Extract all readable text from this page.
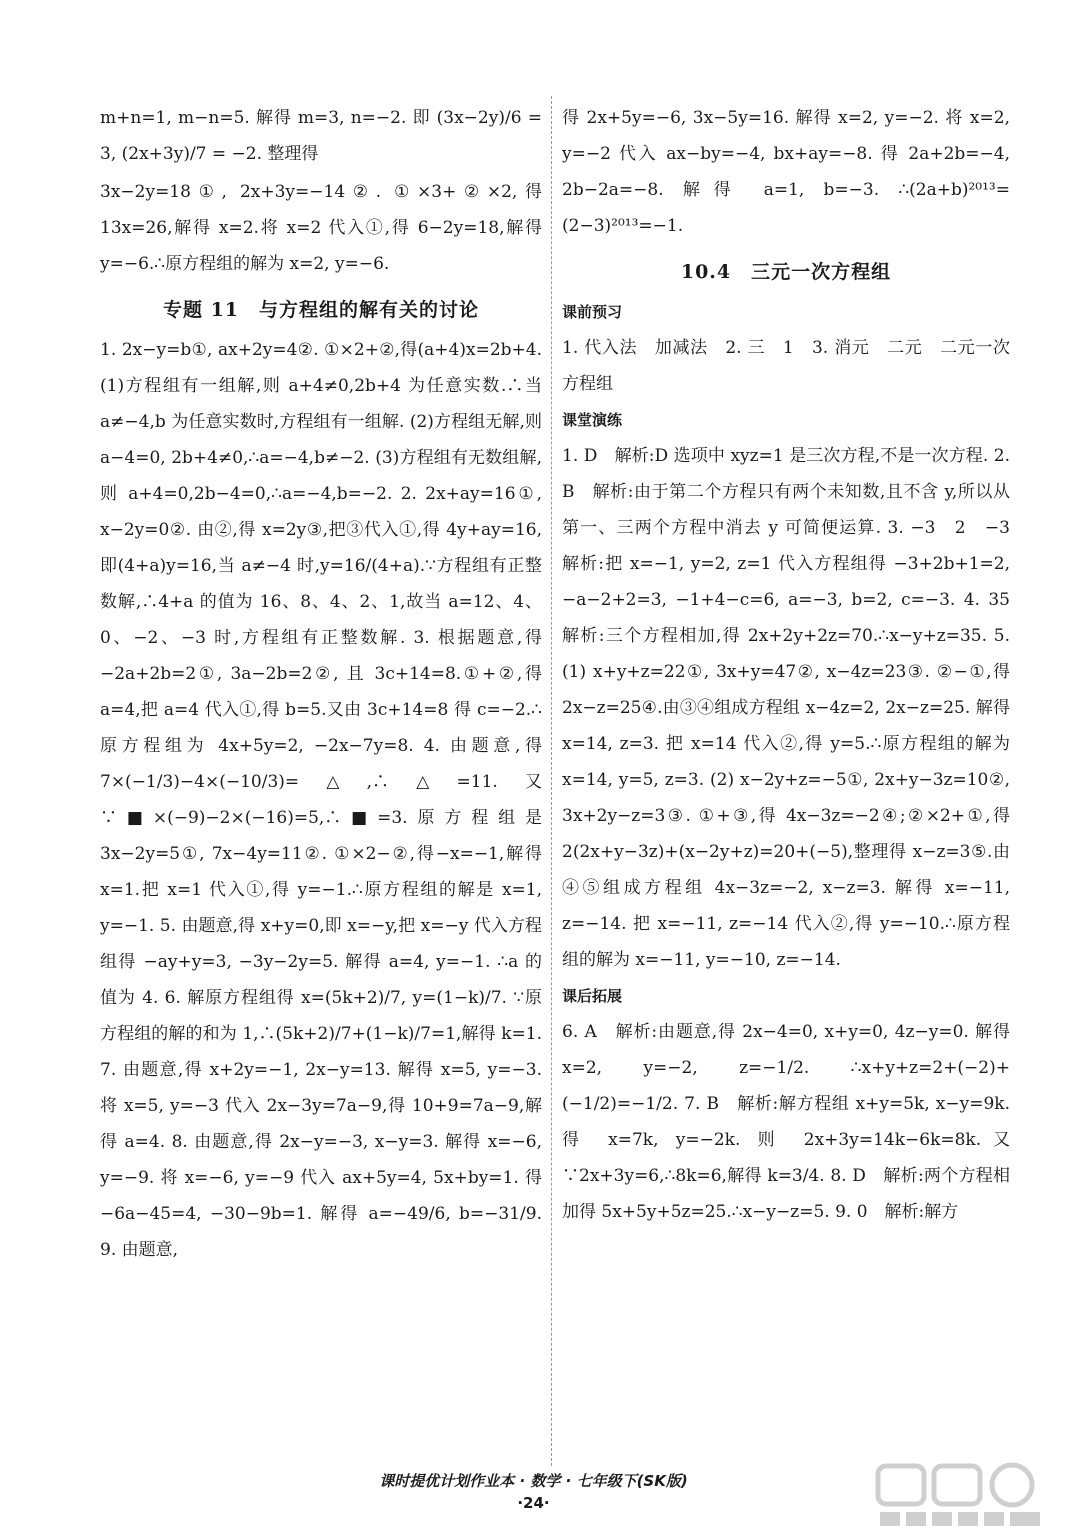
m+n=1, m−n=5. 解得 m=3, n=−2. 即 (3x−2y)/6 = 3, (2x+3y)/7 = −2. 整理得

3x−2y=18①, 2x+3y=−14②. ①×3+②×2,得 13x=26,解得 x=2.将 x=2 代入①,得 6−2y=18,解得 y=−6.∴原方程组的解为 x=2, y=−6.

专题 11　与方程组的解有关的讨论

1. 2x−y=b①, ax+2y=4②. ①×2+②,得(a+4)x=2b+4.(1)方程组有一组解,则 a+4≠0,2b+4 为任意实数.∴当 a≠−4,b 为任意实数时,方程组有一组解. (2)方程组无解,则 a−4=0, 2b+4≠0,∴a=−4,b≠−2. (3)方程组有无数组解,则 a+4=0,2b−4=0,∴a=−4,b=−2. 2. 2x+ay=16①, x−2y=0②. 由②,得 x=2y③,把③代入①,得 4y+ay=16,即(4+a)y=16,当 a≠−4 时,y=16/(4+a).∵方程组有正整数解,∴4+a 的值为 16、8、4、2、1,故当 a=12、4、0、−2、−3 时,方程组有正整数解. 3. 根据题意,得 −2a+2b=2①, 3a−2b=2②, 且 3c+14=8.①+②,得 a=4,把 a=4 代入①,得 b=5.又由 3c+14=8 得 c=−2.∴原方程组为 4x+5y=2, −2x−7y=8. 4. 由题意,得 7×(−1/3)−4×(−10/3)=△,∴△=11.又∵■×(−9)−2×(−16)=5,∴■=3.原方程组是 3x−2y=5①, 7x−4y=11②. ①×2−②,得−x=−1,解得 x=1.把 x=1 代入①,得 y=−1.∴原方程组的解是 x=1, y=−1. 5. 由题意,得 x+y=0,即 x=−y,把 x=−y 代入方程组得 −ay+y=3, −3y−2y=5. 解得 a=4, y=−1. ∴a 的值为 4. 6. 解原方程组得 x=(5k+2)/7, y=(1−k)/7. ∵原方程组的解的和为 1,∴(5k+2)/7+(1−k)/7=1,解得 k=1. 7. 由题意,得 x+2y=−1, 2x−y=13. 解得 x=5, y=−3. 将 x=5, y=−3 代入 2x−3y=7a−9,得 10+9=7a−9,解得 a=4. 8. 由题意,得 2x−y=−3, x−y=3. 解得 x=−6, y=−9. 将 x=−6, y=−9 代入 ax+5y=4, 5x+by=1. 得 −6a−45=4, −30−9b=1. 解得 a=−49/6, b=−31/9. 9. 由题意,

得 2x+5y=−6, 3x−5y=16. 解得 x=2, y=−2. 将 x=2, y=−2 代入 ax−by=−4, bx+ay=−8. 得 2a+2b=−4, 2b−2a=−8. 解得 a=1, b=−3. ∴(2a+b)²⁰¹³=(2−3)²⁰¹³=−1.

10.4　三元一次方程组

课前预习

1. 代入法　加减法　2. 三　1　3. 消元　二元　二元一次方程组

课堂演练

1. D　解析:D 选项中 xyz=1 是三次方程,不是一次方程. 2. B　解析:由于第二个方程只有两个未知数,且不含 y,所以从第一、三两个方程中消去 y 可简便运算. 3. −3　2　−3　解析:把 x=−1, y=2, z=1 代入方程组得 −3+2b+1=2, −a−2+2=3, −1+4−c=6, a=−3, b=2, c=−3. 4. 35　解析:三个方程相加,得 2x+2y+2z=70.∴x−y+z=35. 5. (1) x+y+z=22①, 3x+y=47②, x−4z=23③. ②−①,得 2x−z=25④.由③④组成方程组 x−4z=2, 2x−z=25. 解得 x=14, z=3. 把 x=14 代入②,得 y=5.∴原方程组的解为 x=14, y=5, z=3. (2) x−2y+z=−5①, 2x+y−3z=10②, 3x+2y−z=3③. ①+③,得 4x−3z=−2④;②×2+①,得 2(2x+y−3z)+(x−2y+z)=20+(−5),整理得 x−z=3⑤.由④⑤组成方程组 4x−3z=−2, x−z=3. 解得 x=−11, z=−14. 把 x=−11, z=−14 代入②,得 y=−10.∴原方程组的解为 x=−11, y=−10, z=−14.

课后拓展

6. A　解析:由题意,得 2x−4=0, x+y=0, 4z−y=0. 解得 x=2, y=−2, z=−1/2. ∴x+y+z=2+(−2)+(−1/2)=−1/2. 7. B　解析:解方程组 x+y=5k, x−y=9k. 得 x=7k, y=−2k. 则 2x+3y=14k−6k=8k.又∵2x+3y=6,∴8k=6,解得 k=3/4. 8. D　解析:两个方程相加得 5x+5y+5z=25.∴x−y−z=5. 9. 0　解析:解方

课时提优计划作业本 · 数学 · 七年级下(SK版)
·24·
